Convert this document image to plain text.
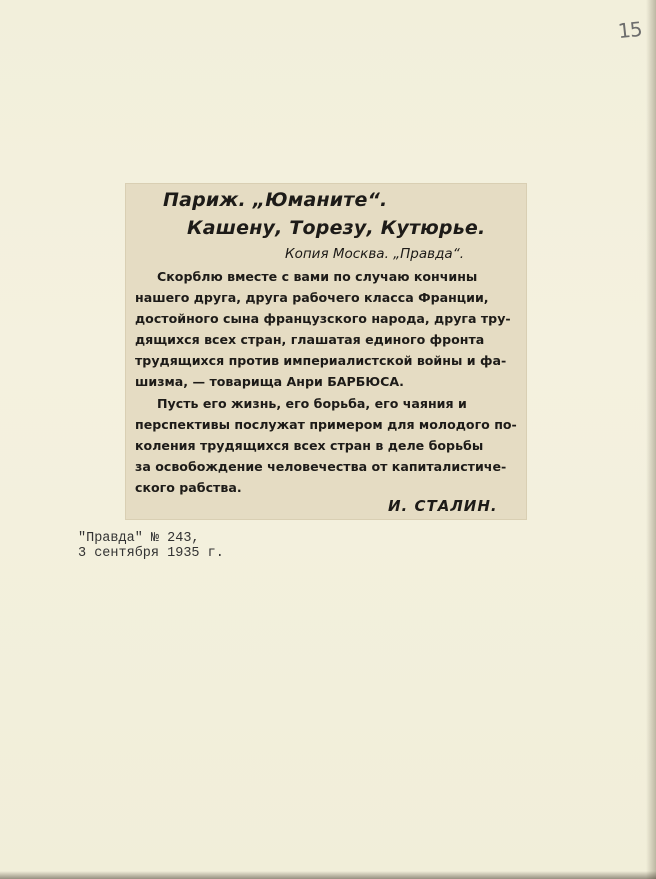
15
Париж. „Юманите“.
Кашену, Торезу, Кутюрье.
Копия Москва. „Правда“.
Скорблю вместе с вами по случаю кончины
нашего друга, друга рабочего класса Франции,
достойного сына французского народа, друга тру-
дящихся всех стран, глашатая единого фронта
трудящихся против империалистской войны и фа-
шизма, — товарища Анри БАРБЮСА.
Пусть его жизнь, его борьба, его чаяния и
перспективы послужат примером для молодого по-
коления трудящихся всех стран в деле борьбы
за освобождение человечества от капиталистиче-
ского рабства.
И. СТАЛИН.
"Правда" № 243,
3 сентября 1935 г.
